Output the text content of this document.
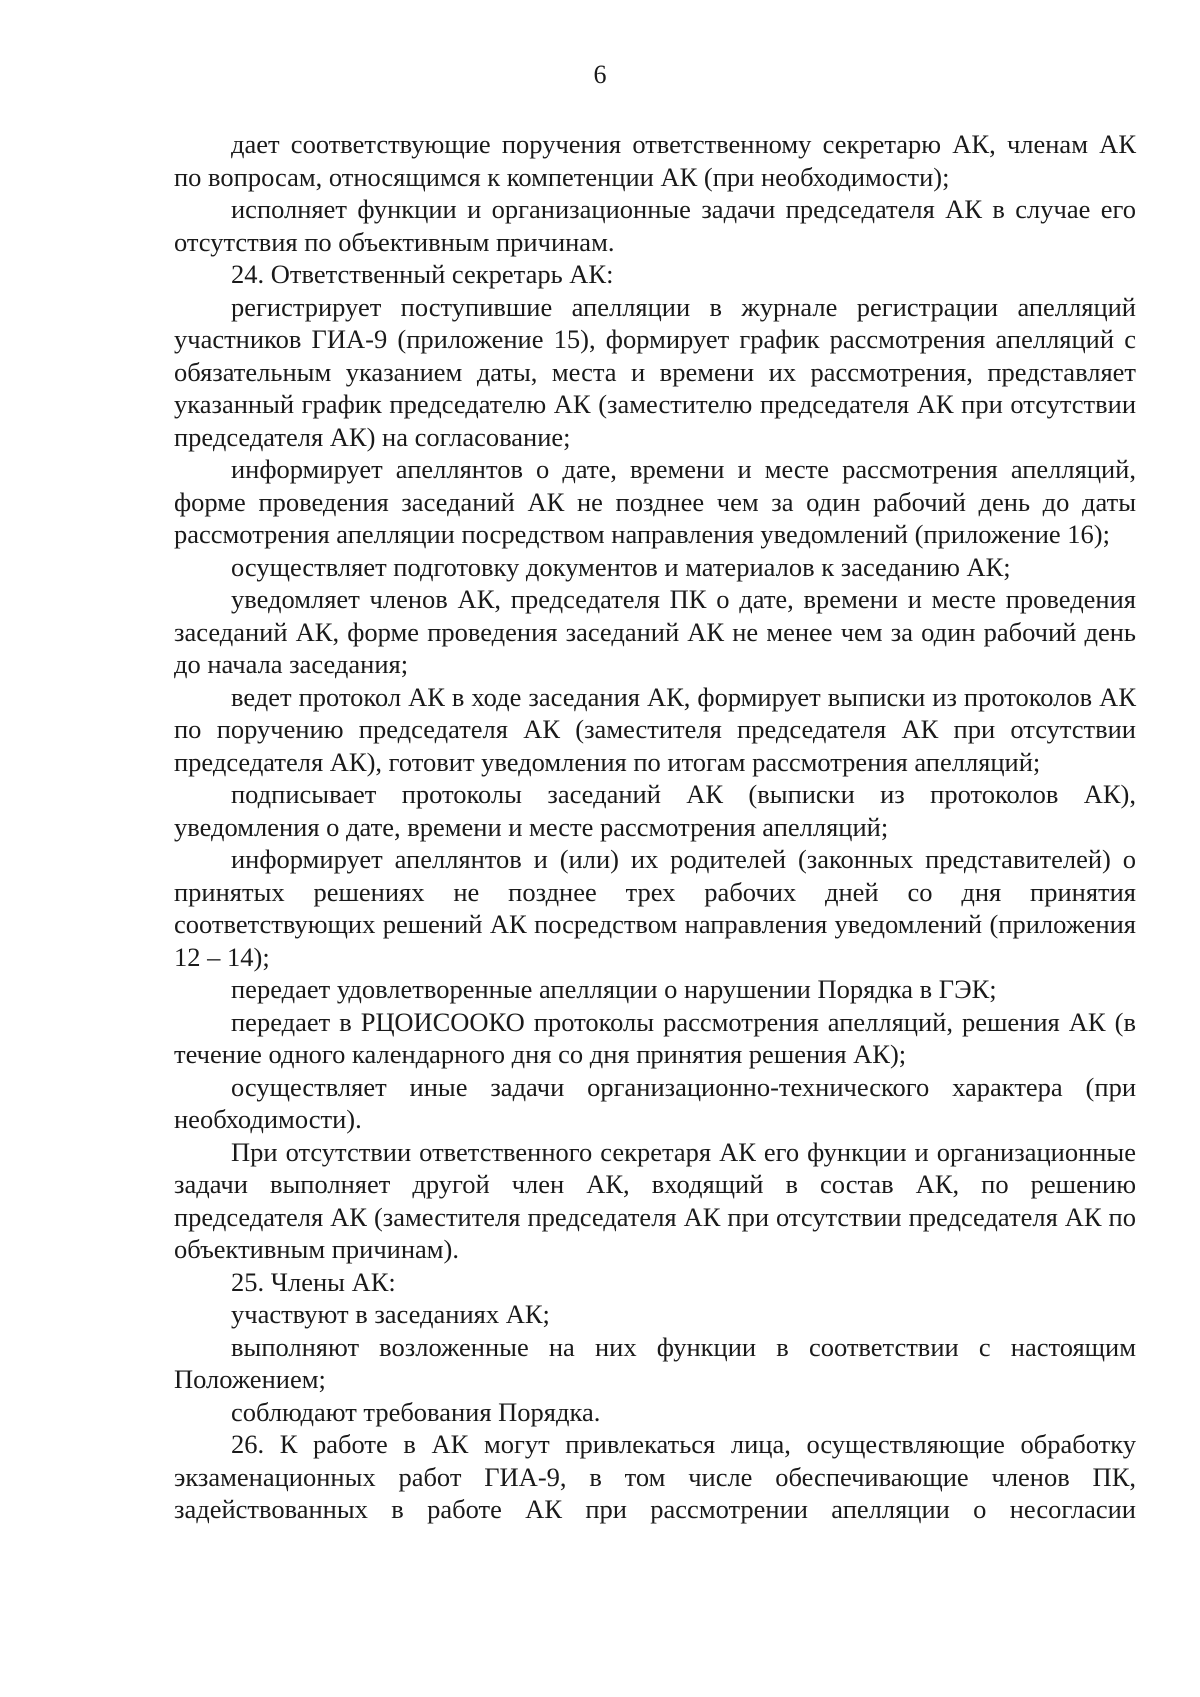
6

дает соответствующие поручения ответственному секретарю АК, членам АК по вопросам, относящимся к компетенции АК (при необходимости);

исполняет функции и организационные задачи председателя АК в случае его отсутствия по объективным причинам.

24. Ответственный секретарь АК:

регистрирует поступившие апелляции в журнале регистрации апелляций участников ГИА-9 (приложение 15), формирует график рассмотрения апелляций с обязательным указанием даты, места и времени их рассмотрения, представляет указанный график председателю АК (заместителю председателя АК при отсутствии председателя АК) на согласование;

информирует апеллянтов о дате, времени и месте рассмотрения апелляций, форме проведения заседаний АК не позднее чем за один рабочий день до даты рассмотрения апелляции посредством направления уведомлений (приложение 16);

осуществляет подготовку документов и материалов к заседанию АК;

уведомляет членов АК, председателя ПК о дате, времени и месте проведения заседаний АК, форме проведения заседаний АК не менее чем за один рабочий день до начала заседания;

ведет протокол АК в ходе заседания АК, формирует выписки из протоколов АК по поручению председателя АК (заместителя председателя АК при отсутствии председателя АК), готовит уведомления по итогам рассмотрения апелляций;

подписывает протоколы заседаний АК (выписки из протоколов АК), уведомления о дате, времени и месте рассмотрения апелляций;

информирует апеллянтов и (или) их родителей (законных представителей) о принятых решениях не позднее трех рабочих дней со дня принятия соответствующих решений АК посредством направления уведомлений (приложения 12 – 14);

передает удовлетворенные апелляции о нарушении Порядка в ГЭК;

передает в РЦОИСООКО протоколы рассмотрения апелляций, решения АК (в течение одного календарного дня со дня принятия решения АК);

осуществляет иные задачи организационно-технического характера (при необходимости).

При отсутствии ответственного секретаря АК его функции и организационные задачи выполняет другой член АК, входящий в состав АК, по решению председателя АК (заместителя председателя АК при отсутствии председателя АК по объективным причинам).

25. Члены АК:

участвуют в заседаниях АК;

выполняют возложенные на них функции в соответствии с настоящим Положением;

соблюдают требования Порядка.

26. К работе в АК могут привлекаться лица, осуществляющие обработку экзаменационных работ ГИА-9, в том числе обеспечивающие членов ПК, задействованных в работе АК при рассмотрении апелляции о несогласии
